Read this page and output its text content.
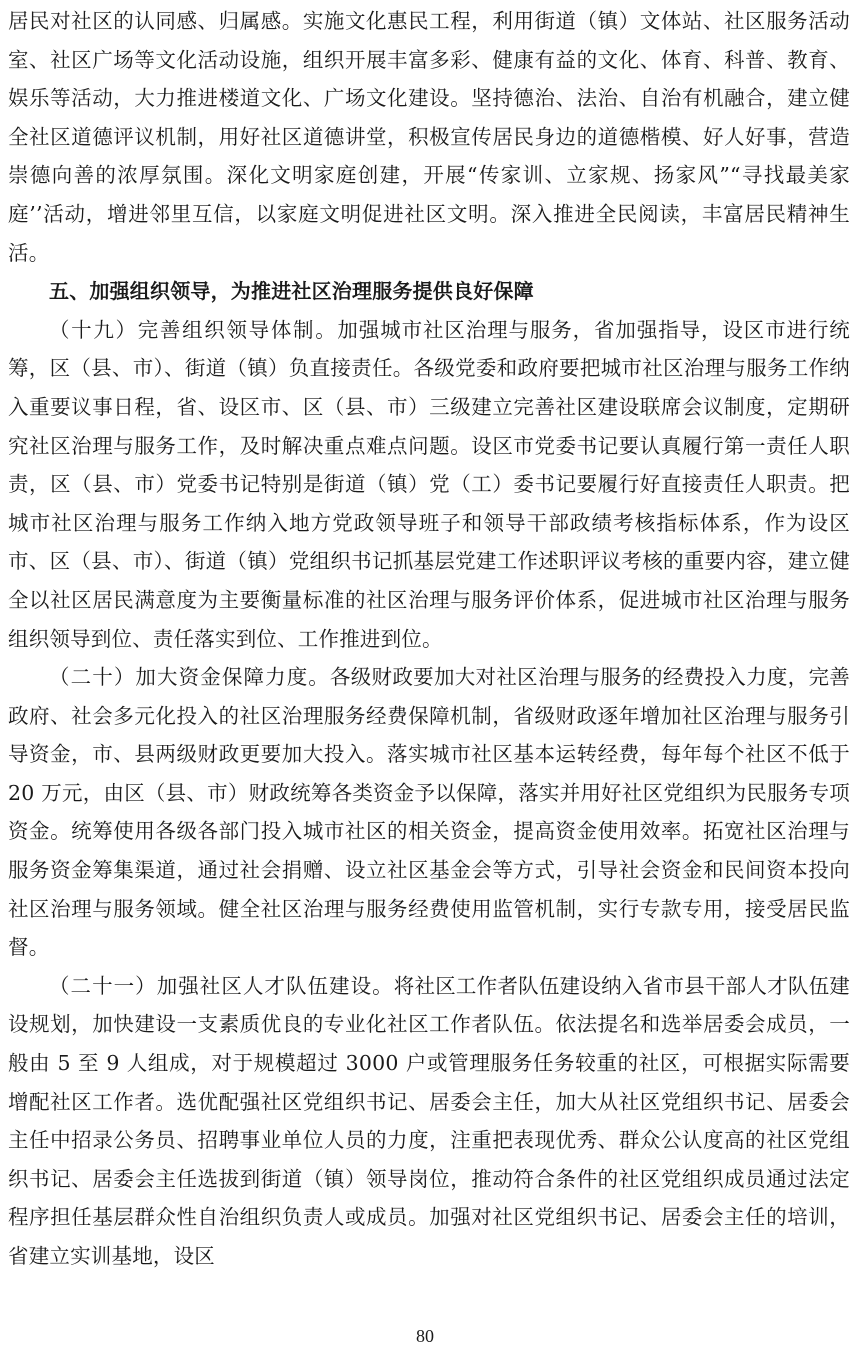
居民对社区的认同感、归属感。实施文化惠民工程，利用街道（镇）文体站、社区服务活动室、社区广场等文化活动设施，组织开展丰富多彩、健康有益的文化、体育、科普、教育、娱乐等活动，大力推进楼道文化、广场文化建设。坚持德治、法治、自治有机融合，建立健全社区道德评议机制，用好社区道德讲堂，积极宣传居民身边的道德楷模、好人好事，营造崇德向善的浓厚氛围。深化文明家庭创建，开展“传家训、立家规、扬家风”“寻找最美家庭’’活动，增进邻里互信，以家庭文明促进社区文明。深入推进全民阅读，丰富居民精神生活。

五、加强组织领导，为推进社区治理服务提供良好保障

（十九）完善组织领导体制。加强城市社区治理与服务，省加强指导，设区市进行统筹，区（县、市）、街道（镇）负直接责任。各级党委和政府要把城市社区治理与服务工作纳入重要议事日程，省、设区市、区（县、市）三级建立完善社区建设联席会议制度，定期研究社区治理与服务工作，及时解决重点难点问题。设区市党委书记要认真履行第一责任人职责，区（县、市）党委书记特别是街道（镇）党（工）委书记要履行好直接责任人职责。把城市社区治理与服务工作纳入地方党政领导班子和领导干部政绩考核指标体系，作为设区市、区（县、市）、街道（镇）党组织书记抓基层党建工作述职评议考核的重要内容，建立健全以社区居民满意度为主要衡量标准的社区治理与服务评价体系，促进城市社区治理与服务组织领导到位、责任落实到位、工作推进到位。

（二十）加大资金保障力度。各级财政要加大对社区治理与服务的经费投入力度，完善政府、社会多元化投入的社区治理服务经费保障机制，省级财政逐年增加社区治理与服务引导资金，市、县两级财政更要加大投入。落实城市社区基本运转经费，每年每个社区不低于 20 万元，由区（县、市）财政统筹各类资金予以保障，落实并用好社区党组织为民服务专项资金。统筹使用各级各部门投入城市社区的相关资金，提高资金使用效率。拓宽社区治理与服务资金筹集渠道，通过社会捐赠、设立社区基金会等方式，引导社会资金和民间资本投向社区治理与服务领域。健全社区治理与服务经费使用监管机制，实行专款专用，接受居民监督。

（二十一）加强社区人才队伍建设。将社区工作者队伍建设纳入省市县干部人才队伍建设规划，加快建设一支素质优良的专业化社区工作者队伍。依法提名和选举居委会成员，一般由 5 至 9 人组成，对于规模超过 3000 户或管理服务任务较重的社区，可根据实际需要增配社区工作者。选优配强社区党组织书记、居委会主任，加大从社区党组织书记、居委会主任中招录公务员、招聘事业单位人员的力度，注重把表现优秀、群众公认度高的社区党组织书记、居委会主任选拔到街道（镇）领导岗位，推动符合条件的社区党组织成员通过法定程序担任基层群众性自治组织负责人或成员。加强对社区党组织书记、居委会主任的培训，省建立实训基地，设区

80
